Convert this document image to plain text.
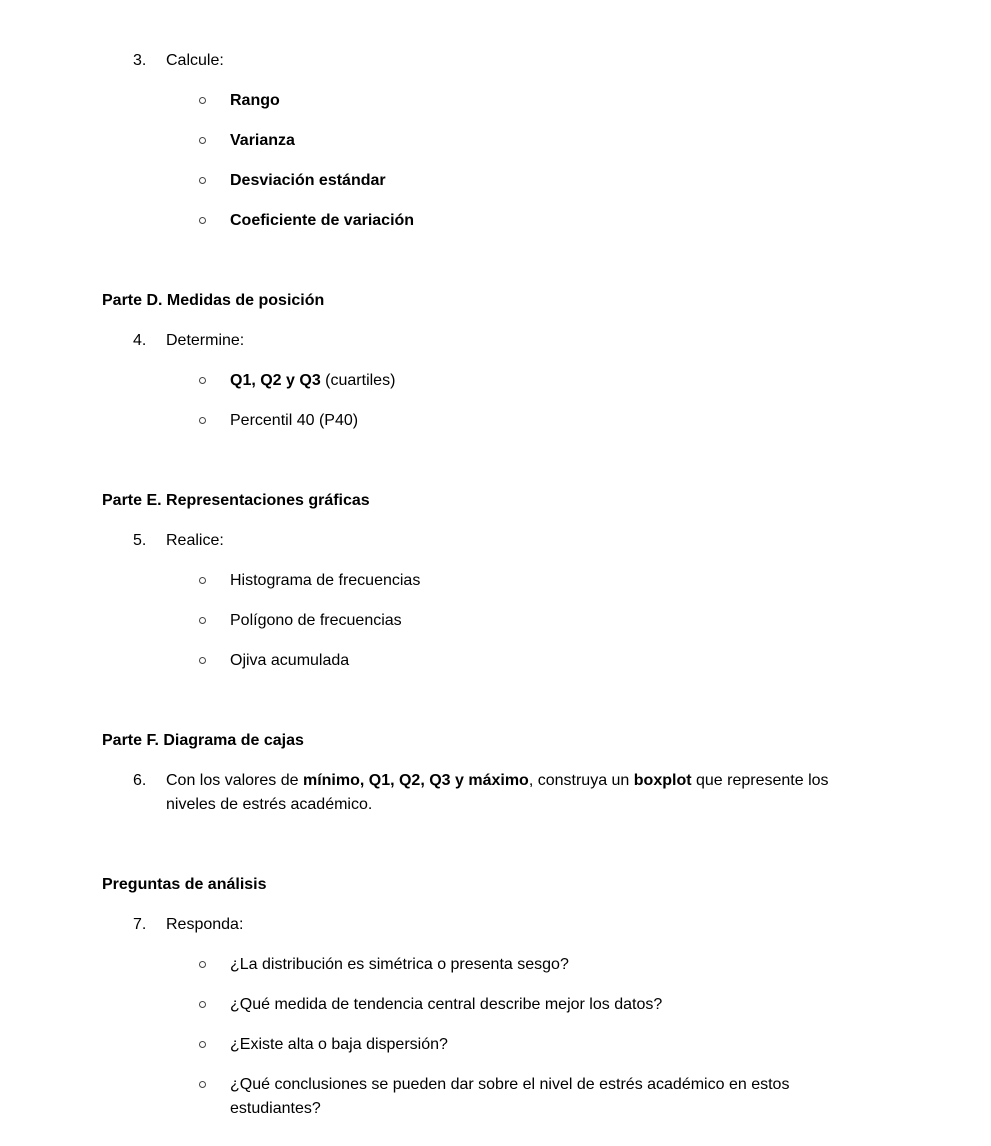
3.	Calcule:
Rango
Varianza
Desviación estándar
Coeficiente de variación
Parte D. Medidas de posición
4.	Determine:
Q1, Q2 y Q3 (cuartiles)
Percentil 40 (P40)
Parte E. Representaciones gráficas
5.	Realice:
Histograma de frecuencias
Polígono de frecuencias
Ojiva acumulada
Parte F. Diagrama de cajas
6.	Con los valores de mínimo, Q1, Q2, Q3 y máximo, construya un boxplot que represente los niveles de estrés académico.
Preguntas de análisis
7.	Responda:
¿La distribución es simétrica o presenta sesgo?
¿Qué medida de tendencia central describe mejor los datos?
¿Existe alta o baja dispersión?
¿Qué conclusiones se pueden dar sobre el nivel de estrés académico en estos estudiantes?
